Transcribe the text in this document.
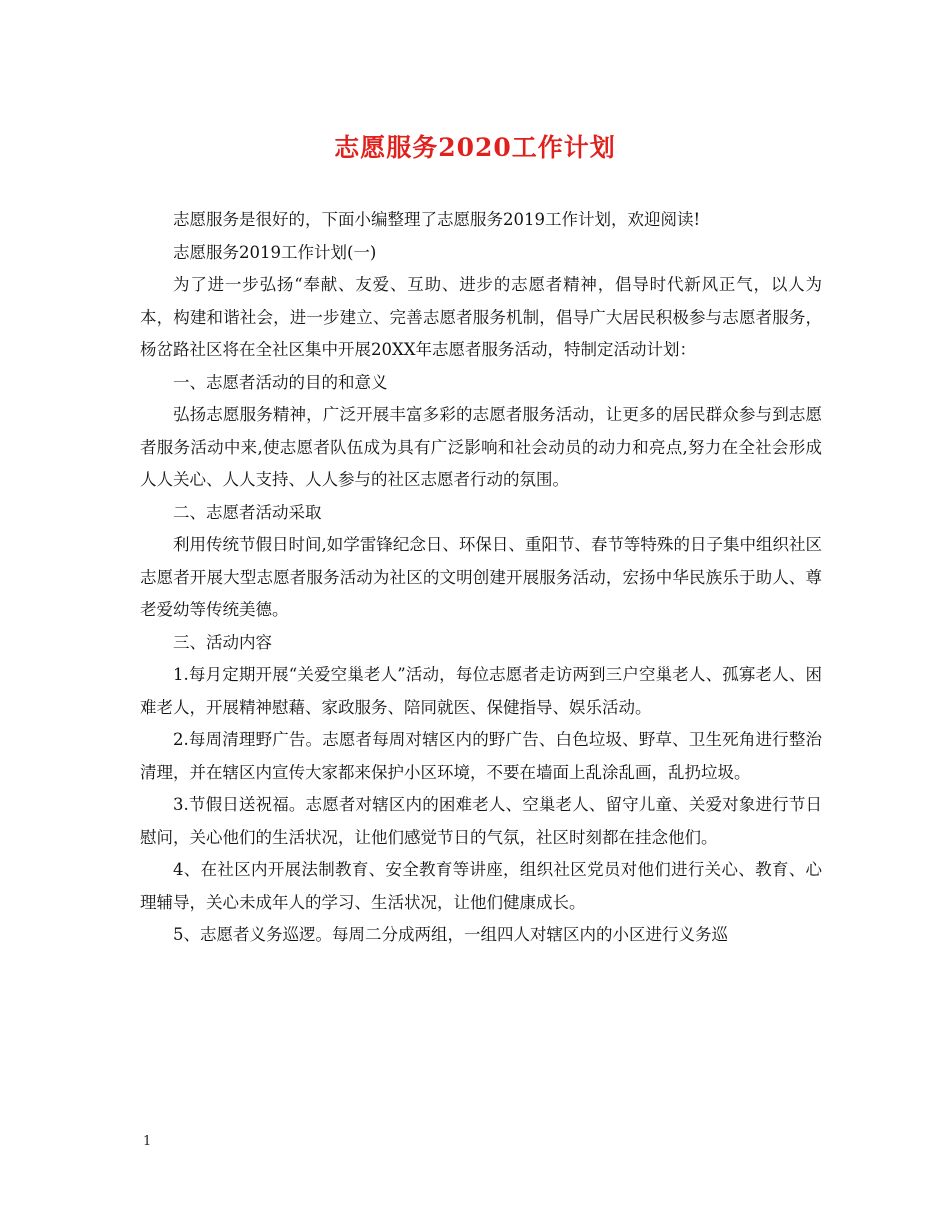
志愿服务2020工作计划

志愿服务是很好的，下面小编整理了志愿服务2019工作计划，欢迎阅读!

志愿服务2019工作计划(一)

为了进一步弘扬“奉献、友爱、互助、进步的志愿者精神，倡导时代新风正气，以人为本，构建和谐社会，进一步建立、完善志愿者服务机制，倡导广大居民积极参与志愿者服务，杨岔路社区将在全社区集中开展20XX年志愿者服务活动，特制定活动计划：

一、志愿者活动的目的和意义

弘扬志愿服务精神，广泛开展丰富多彩的志愿者服务活动，让更多的居民群众参与到志愿者服务活动中来,使志愿者队伍成为具有广泛影响和社会动员的动力和亮点,努力在全社会形成人人关心、人人支持、人人参与的社区志愿者行动的氛围。

二、志愿者活动采取

利用传统节假日时间,如学雷锋纪念日、环保日、重阳节、春节等特殊的日子集中组织社区志愿者开展大型志愿者服务活动为社区的文明创建开展服务活动，宏扬中华民族乐于助人、尊老爱幼等传统美德。

三、活动内容

1.每月定期开展“关爱空巢老人”活动，每位志愿者走访两到三户空巢老人、孤寡老人、困难老人，开展精神慰藉、家政服务、陪同就医、保健指导、娱乐活动。

2.每周清理野广告。志愿者每周对辖区内的野广告、白色垃圾、野草、卫生死角进行整治清理，并在辖区内宣传大家都来保护小区环境，不要在墙面上乱涂乱画，乱扔垃圾。

3.节假日送祝福。志愿者对辖区内的困难老人、空巢老人、留守儿童、关爱对象进行节日慰问，关心他们的生活状况，让他们感觉节日的气氛，社区时刻都在挂念他们。

4、在社区内开展法制教育、安全教育等讲座，组织社区党员对他们进行关心、教育、心理辅导，关心未成年人的学习、生活状况，让他们健康成长。

5、志愿者义务巡逻。每周二分成两组，一组四人对辖区内的小区进行义务巡

1
